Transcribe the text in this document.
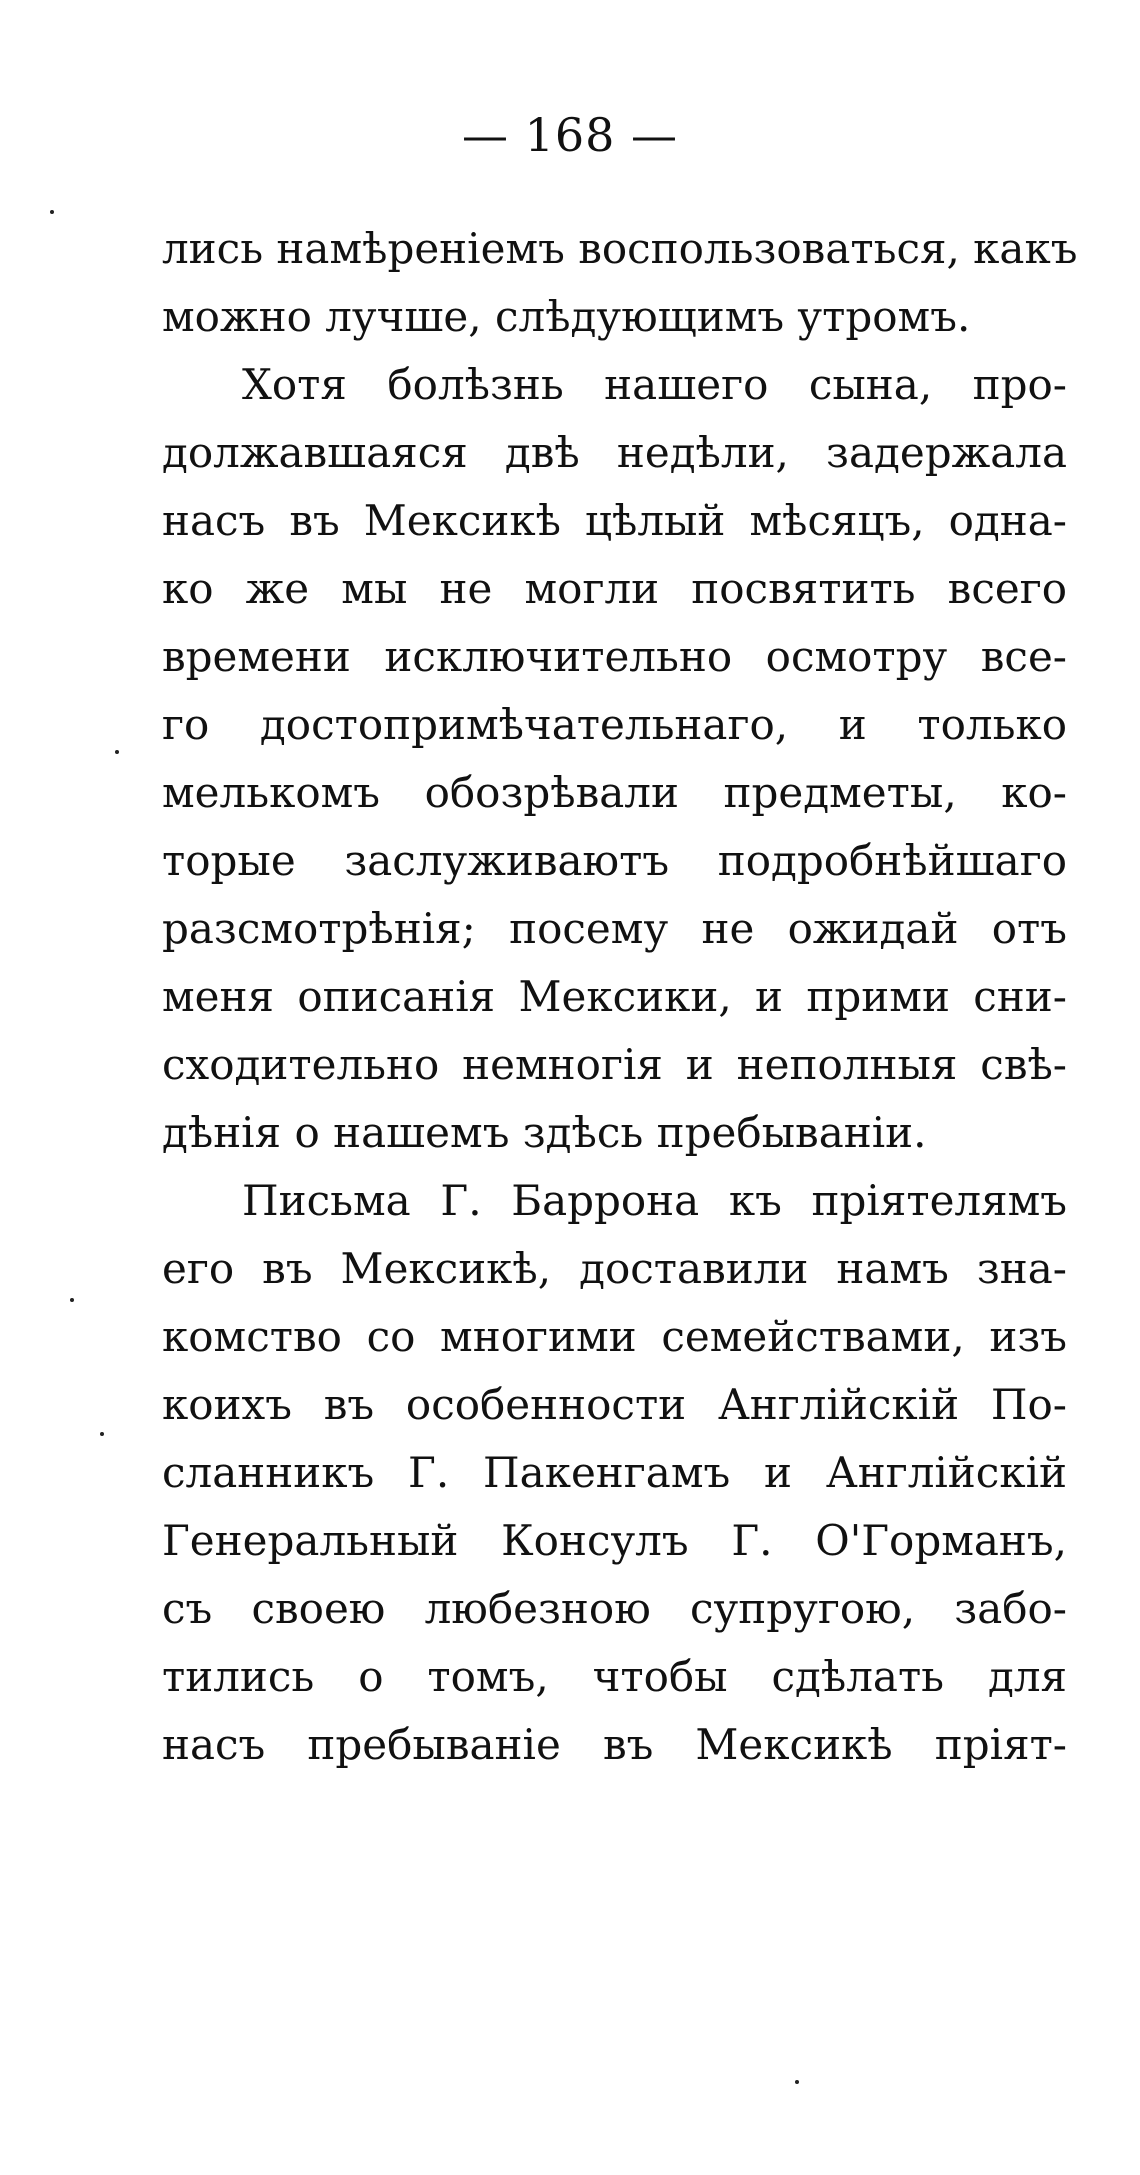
— 168 —
лись намѣренiемъ воспользоваться, какъ
можно лучше, слѣдующимъ утромъ.
Хотя болѣзнь нашего сына, про-
должавшаяся двѣ недѣли, задержала
насъ въ Мексикѣ цѣлый мѣсяцъ, одна-
ко же мы не могли посвятить всего
времени исключительно осмотру все-
го достопримѣчательнаго, и только
мелькомъ обозрѣвали предметы, ко-
торые заслуживаютъ подробнѣйшаго
разсмотрѣнiя; посему не ожидай отъ
меня описанiя Мексики, и прими сни-
сходительно немногiя и неполныя свѣ-
дѣнiя о нашемъ здѣсь пребыванiи.
Письма Г. Баррона къ прiятелямъ
его въ Мексикѣ, доставили намъ зна-
комство со многими семействами, изъ
коихъ въ особенности Англiйскiй По-
сланникъ Г. Пакенгамъ и Англiйскiй
Генеральный Консулъ Г. О'Горманъ,
съ своею любезною супругою, забо-
тились о томъ, чтобы сдѣлать для
насъ пребыванiе въ Мексикѣ прiят-
